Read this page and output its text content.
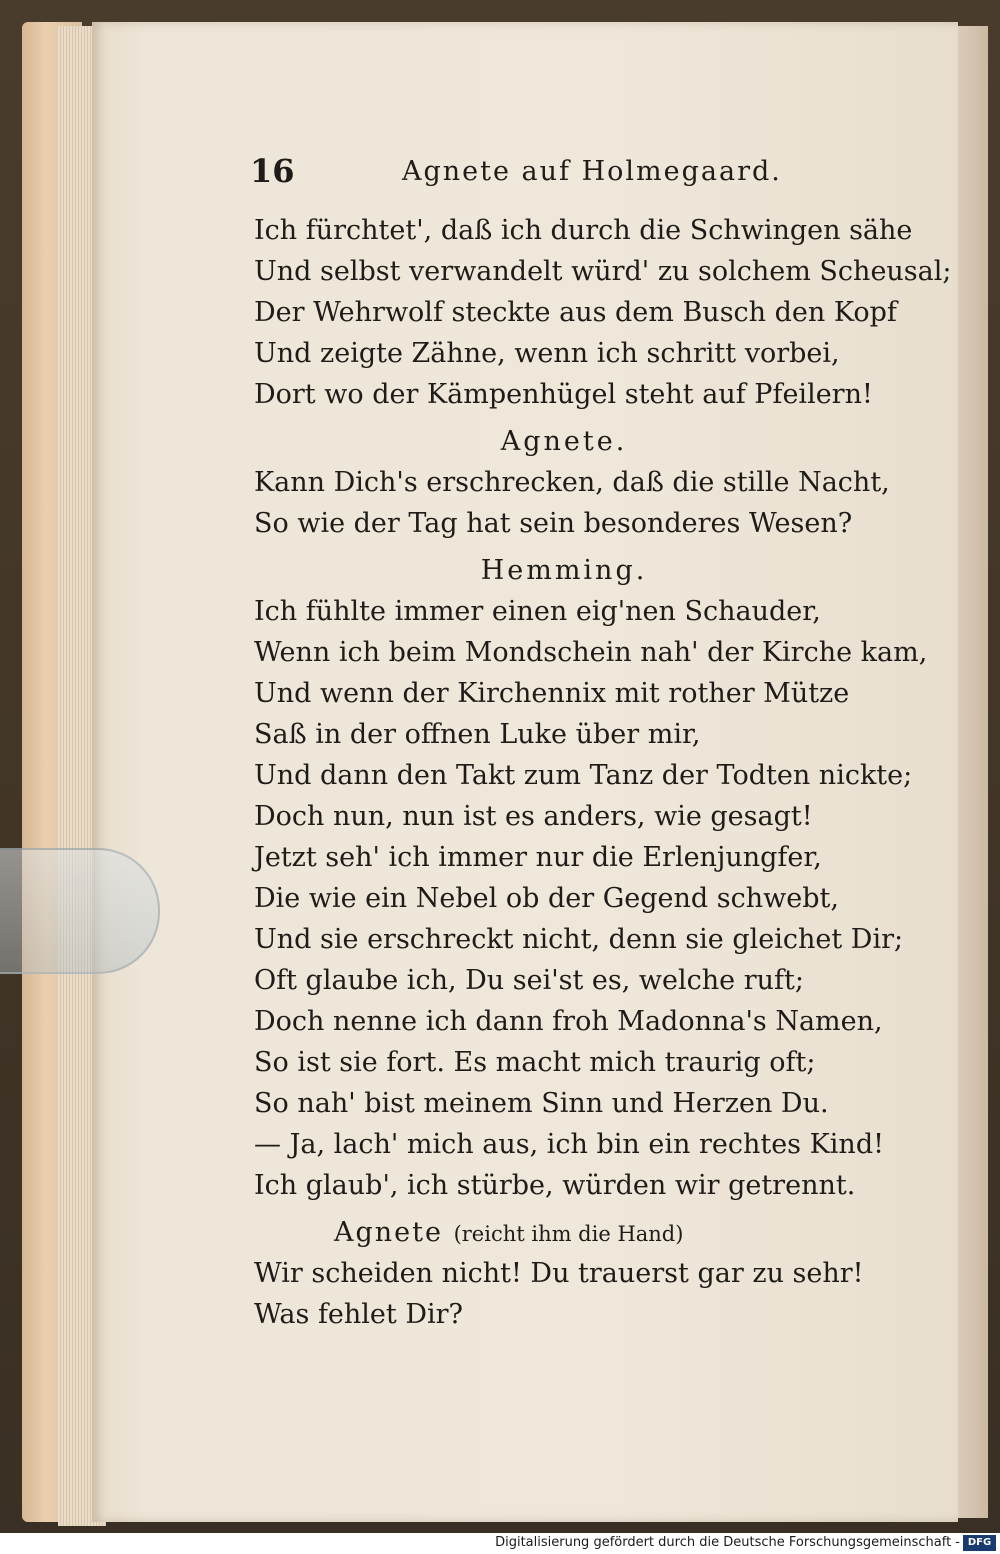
16	Agnete auf Holmegaard.
Ich fürchtet', daß ich durch die Schwingen sähe
Und selbst verwandelt würd' zu solchem Scheusal;
Der Wehrwolf steckte aus dem Busch den Kopf
Und zeigte Zähne, wenn ich schritt vorbei,
Dort wo der Kämpenhügel steht auf Pfeilern!
Agnete.
Kann Dich's erschrecken, daß die stille Nacht,
So wie der Tag hat sein besonderes Wesen?
Hemming.
Ich fühlte immer einen eig'nen Schauder,
Wenn ich beim Mondschein nah' der Kirche kam,
Und wenn der Kirchennix mit rother Mütze
Saß in der offnen Luke über mir,
Und dann den Takt zum Tanz der Todten nickte;
Doch nun, nun ist es anders, wie gesagt!
Jetzt seh' ich immer nur die Erlenjungfer,
Die wie ein Nebel ob der Gegend schwebt,
Und sie erschreckt nicht, denn sie gleichet Dir;
Oft glaube ich, Du sei'st es, welche ruft;
Doch nenne ich dann froh Madonna's Namen,
So ist sie fort. Es macht mich traurig oft;
So nah' bist meinem Sinn und Herzen Du.
— Ja, lach' mich aus, ich bin ein rechtes Kind!
Ich glaub', ich stürbe, würden wir getrennt.
Agnete (reicht ihm die Hand)
Wir scheiden nicht! Du trauerst gar zu sehr!
Was fehlet Dir?
Digitalisierung gefördert durch die Deutsche Forschungsgemeinschaft - DFG
